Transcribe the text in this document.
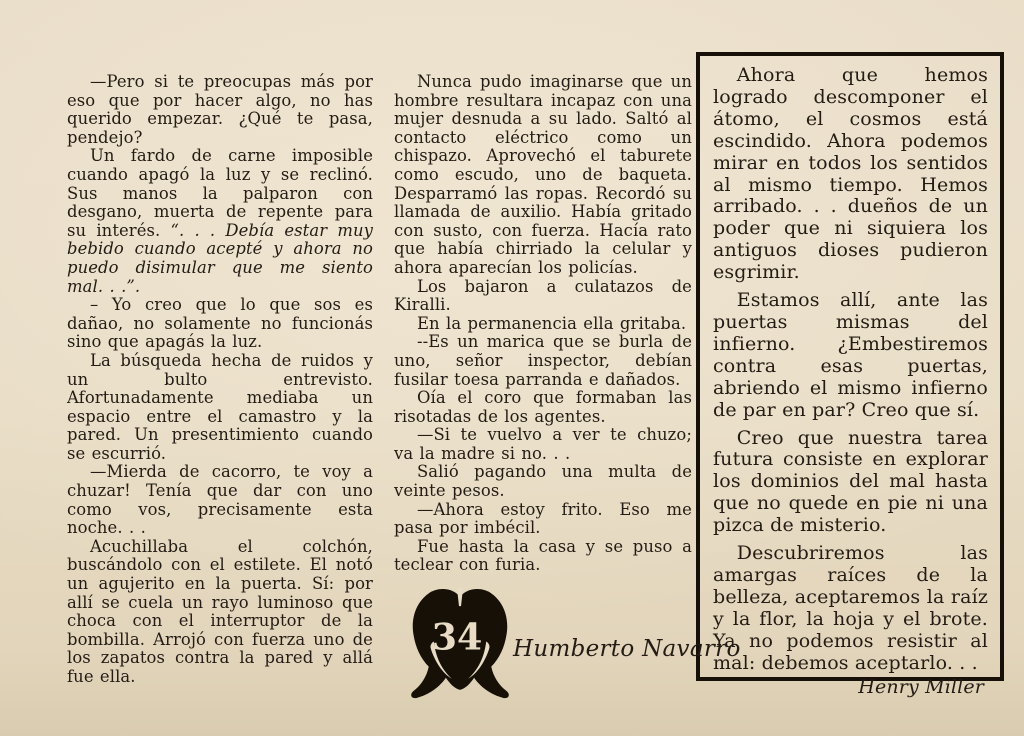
—Pero si te preocupas más por eso que por hacer algo, no has querido empezar. ¿Qué te pasa, pendejo?

Un fardo de carne imposible cuando apagó la luz y se reclinó. Sus manos la palparon con desgano, muerta de repente para su interés. “. . . Debía estar muy bebido cuando acepté y ahora no puedo disimular que me siento mal. . .”.

– Yo creo que lo que sos es dañao, no solamente no funcionás sino que apagás la luz.

La búsqueda hecha de ruidos y un bulto entrevisto. Afortunadamente mediaba un espacio entre el camastro y la pared. Un presentimiento cuando se escurrió.

—Mierda de cacorro, te voy a chuzar! Tenía que dar con uno como vos, precisamente esta noche. . .

Acuchillaba el colchón, buscándolo con el estilete. El notó un agujerito en la puerta. Sí: por allí se cuela un rayo luminoso que choca con el interruptor de la bombilla. Arrojó con fuerza uno de los zapatos contra la pared y allá fue ella.

Nunca pudo imaginarse que un hombre resultara incapaz con una mujer desnuda a su lado. Saltó al contacto eléctrico como un chispazo. Aprovechó el taburete como escudo, uno de baqueta. Desparramó las ropas. Recordó su llamada de auxilio. Había gritado con susto, con fuerza. Hacía rato que había chirriado la celular y ahora aparecían los policías.

Los bajaron a culatazos de Kiralli.

En la permanencia ella gritaba.

--Es un marica que se burla de uno, señor inspector, debían fusilar toesa parranda e dañados.

Oía el coro que formaban las risotadas de los agentes.

—Si te vuelvo a ver te chuzo; va la madre si no. . .

Salió pagando una multa de veinte pesos.

—Ahora estoy frito. Eso me pasa por imbécil.

Fue hasta la casa y se puso a teclear con furia.

Ahora que hemos logrado descomponer el átomo, el cosmos está escindido. Ahora podemos mirar en todos los sentidos al mismo tiempo. Hemos arribado. . . dueños de un poder que ni siquiera los antiguos dioses pudieron esgrimir.

Estamos allí, ante las puertas mismas del infierno. ¿Embestiremos contra esas puertas, abriendo el mismo infierno de par en par? Creo que sí.

Creo que nuestra tarea futura consiste en explorar los dominios del mal hasta que no quede en pie ni una pizca de misterio.

Descubriremos las amargas raíces de la belleza, aceptaremos la raíz y la flor, la hoja y el brote. Ya no podemos resistir al mal: debemos aceptarlo. . .

Henry Miller

34 Humberto Navarro
